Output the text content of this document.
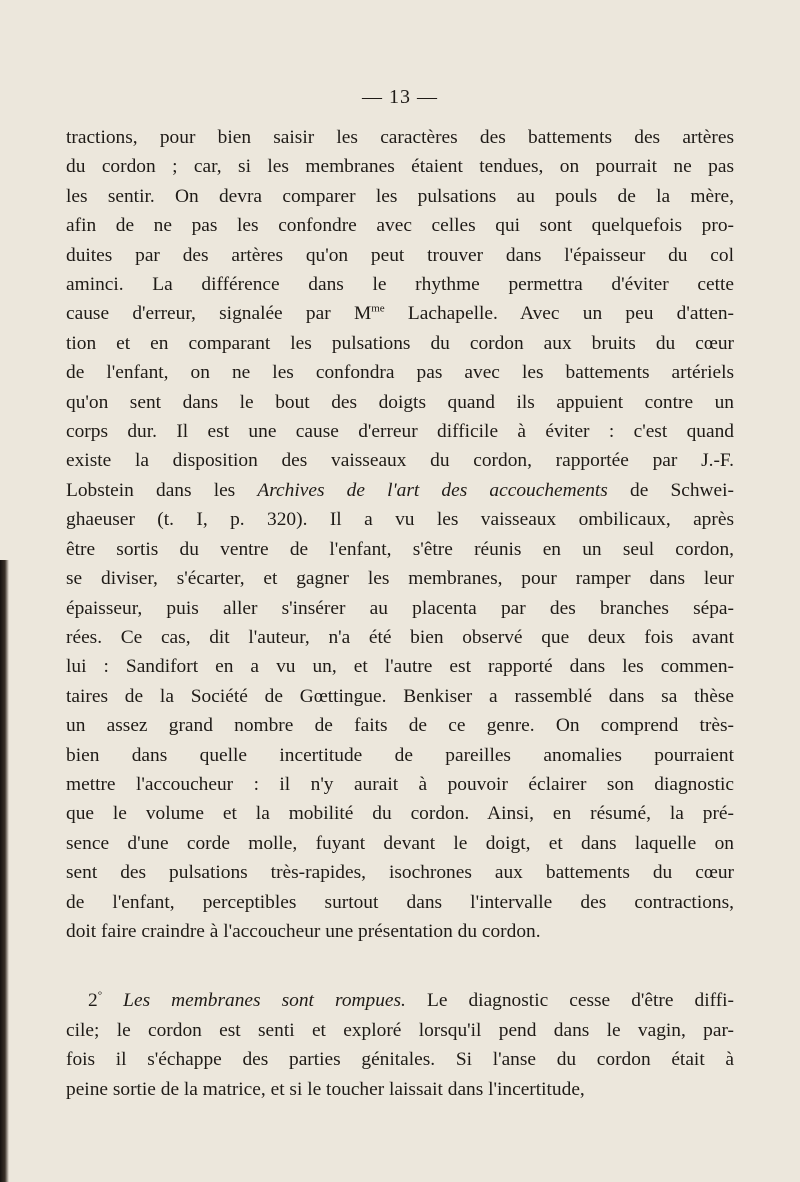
— 13 —

tractions, pour bien saisir les caractères des battements des artères
du cordon ; car, si les membranes étaient tendues, on pourrait ne pas
les sentir. On devra comparer les pulsations au pouls de la mère,
afin de ne pas les confondre avec celles qui sont quelquefois pro-
duites par des artères qu'on peut trouver dans l'épaisseur du col
aminci. La différence dans le rhythme permettra d'éviter cette
cause d'erreur, signalée par $M^{me}$ Lachapelle. Avec un peu d'atten-
tion et en comparant les pulsations du cordon aux bruits du cœur
de l'enfant, on ne les confondra pas avec les battements artériels
qu'on sent dans le bout des doigts quand ils appuient contre un
corps dur. Il est une cause d'erreur difficile à éviter : c'est quand
existe la disposition des vaisseaux du cordon, rapportée par J.-F.
Lobstein dans les Archives de l'art des accouchements de Schwei-
ghaeuser (t. I, p. 320). Il a vu les vaisseaux ombilicaux, après
être sortis du ventre de l'enfant, s'être réunis en un seul cordon,
se diviser, s'écarter, et gagner les membranes, pour ramper dans leur
épaisseur, puis aller s'insérer au placenta par des branches sépa-
rées. Ce cas, dit l'auteur, n'a été bien observé que deux fois avant
lui : Sandifort en a vu un, et l'autre est rapporté dans les commen-
taires de la Société de Gœttingue. Benkiser a rassemblé dans sa thèse
un assez grand nombre de faits de ce genre. On comprend très-
bien dans quelle incertitude de pareilles anomalies pourraient
mettre l'accoucheur : il n'y aurait à pouvoir éclairer son diagnostic
que le volume et la mobilité du cordon. Ainsi, en résumé, la pré-
sence d'une corde molle, fuyant devant le doigt, et dans laquelle on
sent des pulsations très-rapides, isochrones aux battements du cœur
de l'enfant, perceptibles surtout dans l'intervalle des contractions,
doit faire craindre à l'accoucheur une présentation du cordon.

2° Les membranes sont rompues. Le diagnostic cesse d'être diffi-
cile; le cordon est senti et exploré lorsqu'il pend dans le vagin, par-
fois il s'échappe des parties génitales. Si l'anse du cordon était à
peine sortie de la matrice, et si le toucher laissait dans l'incertitude,
